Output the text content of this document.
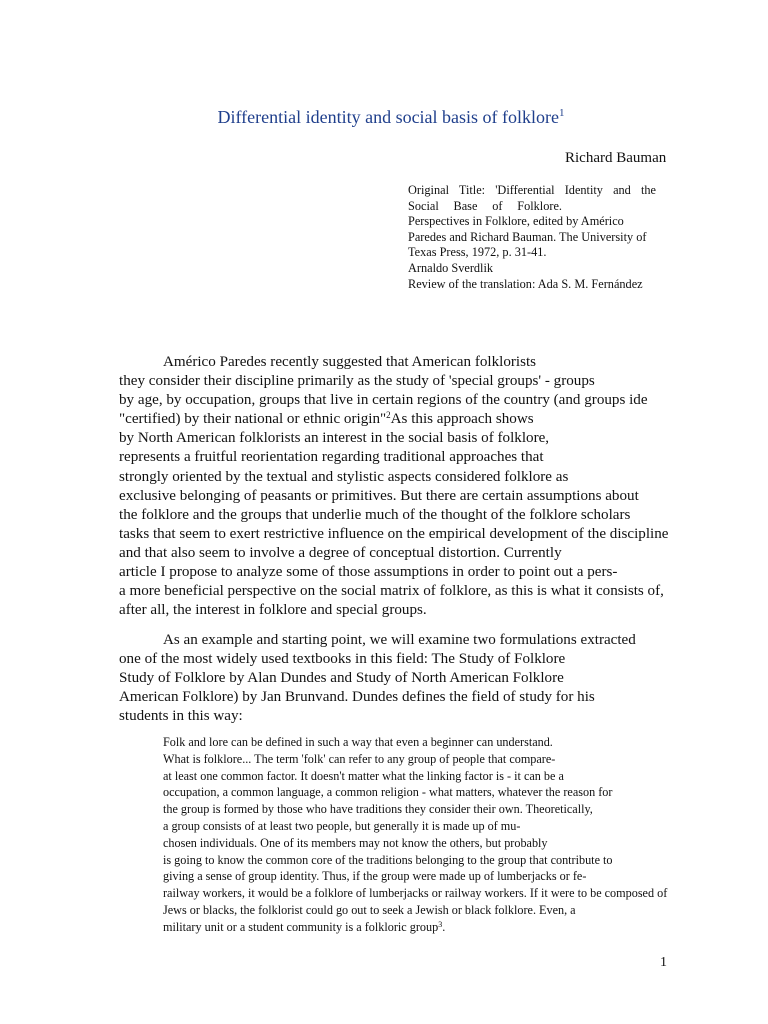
Differential identity and social basis of folklore$^1$
Richard Bauman
Original Title: 'Differential Identity and the
Social Base of Folklore.
Perspectives in Folklore, edited by Américo
Paredes and Richard Bauman. The University of
Texas Press, 1972, p. 31-41.
Arnaldo Sverdlik
Review of the translation: Ada S. M. Fernández
Américo Paredes recently suggested that American folklorists
they consider their discipline primarily as the study of 'special groups' - groups
by age, by occupation, groups that live in certain regions of the country (and groups ide
"certified) by their national or ethnic origin"$^2$As this approach shows
by North American folklorists an interest in the social basis of folklore,
represents a fruitful reorientation regarding traditional approaches that
strongly oriented by the textual and stylistic aspects considered folklore as
exclusive belonging of peasants or primitives. But there are certain assumptions about
the folklore and the groups that underlie much of the thought of the folklore scholars
tasks that seem to exert restrictive influence on the empirical development of the discipline
and that also seem to involve a degree of conceptual distortion. Currently
article I propose to analyze some of those assumptions in order to point out a pers-
a more beneficial perspective on the social matrix of folklore, as this is what it consists of,
after all, the interest in folklore and special groups.
As an example and starting point, we will examine two formulations extracted
one of the most widely used textbooks in this field: The Study of Folklore
Study of Folklore by Alan Dundes and Study of North American Folklore
American Folklore) by Jan Brunvand. Dundes defines the field of study for his
students in this way:
Folk and lore can be defined in such a way that even a beginner can understand.
What is folklore... The term 'folk' can refer to any group of people that compare-
at least one common factor. It doesn't matter what the linking factor is - it can be a
occupation, a common language, a common religion - what matters, whatever the reason for
the group is formed by those who have traditions they consider their own. Theoretically,
a group consists of at least two people, but generally it is made up of mu-
chosen individuals. One of its members may not know the others, but probably
is going to know the common core of the traditions belonging to the group that contribute to
giving a sense of group identity. Thus, if the group were made up of lumberjacks or fe-
railway workers, it would be a folklore of lumberjacks or railway workers. If it were to be composed of
Jews or blacks, the folklorist could go out to seek a Jewish or black folklore. Even, a
military unit or a student community is a folkloric group$^3$.
1
